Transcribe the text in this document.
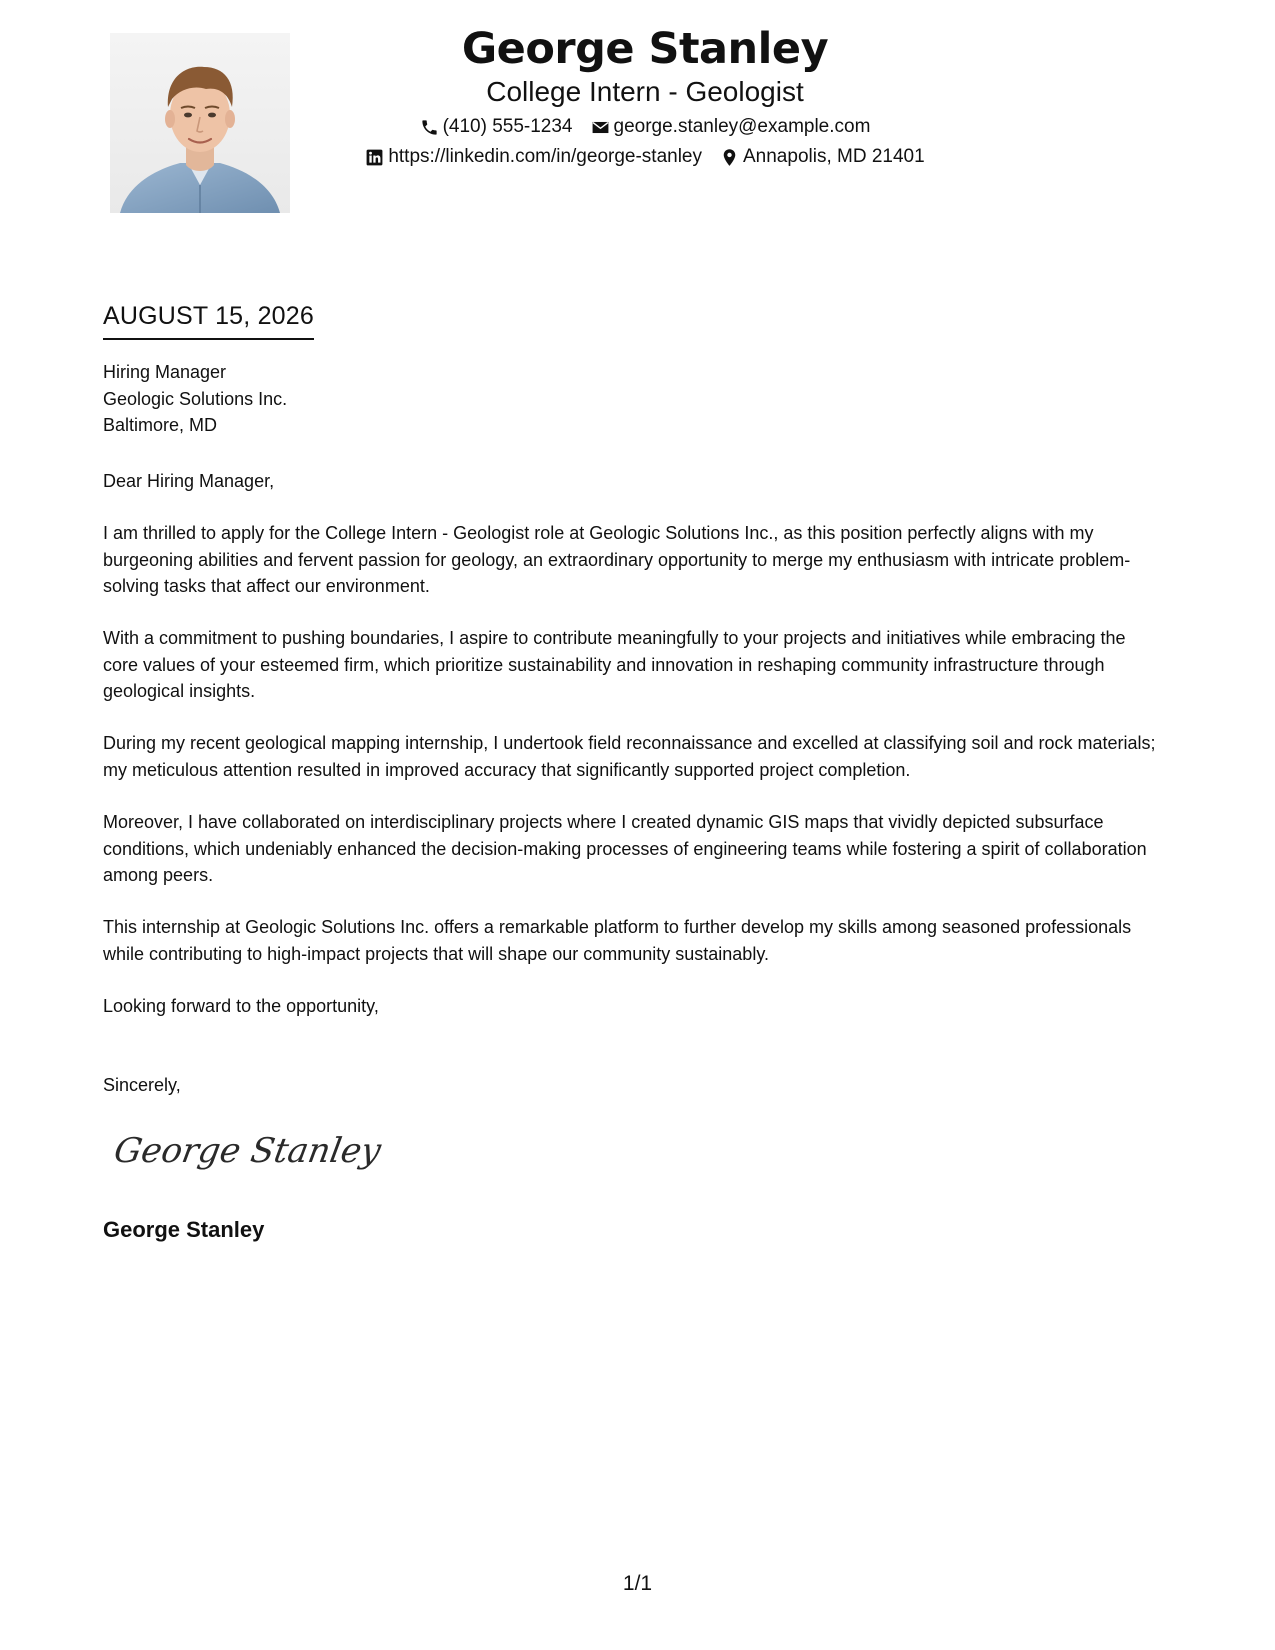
George Stanley
College Intern - Geologist
(410) 555-1234 george.stanley@example.com
https://linkedin.com/in/george-stanley Annapolis, MD 21401
AUGUST 15, 2026
Hiring Manager
Geologic Solutions Inc.
Baltimore, MD
Dear Hiring Manager,
I am thrilled to apply for the College Intern - Geologist role at Geologic Solutions Inc., as this position perfectly aligns with my burgeoning abilities and fervent passion for geology, an extraordinary opportunity to merge my enthusiasm with intricate problem-solving tasks that affect our environment.
With a commitment to pushing boundaries, I aspire to contribute meaningfully to your projects and initiatives while embracing the core values of your esteemed firm, which prioritize sustainability and innovation in reshaping community infrastructure through geological insights.
During my recent geological mapping internship, I undertook field reconnaissance and excelled at classifying soil and rock materials; my meticulous attention resulted in improved accuracy that significantly supported project completion.
Moreover, I have collaborated on interdisciplinary projects where I created dynamic GIS maps that vividly depicted subsurface conditions, which undeniably enhanced the decision-making processes of engineering teams while fostering a spirit of collaboration among peers.
This internship at Geologic Solutions Inc. offers a remarkable platform to further develop my skills among seasoned professionals while contributing to high-impact projects that will shape our community sustainably.
Looking forward to the opportunity,
Sincerely,
George Stanley
George Stanley
1/1
